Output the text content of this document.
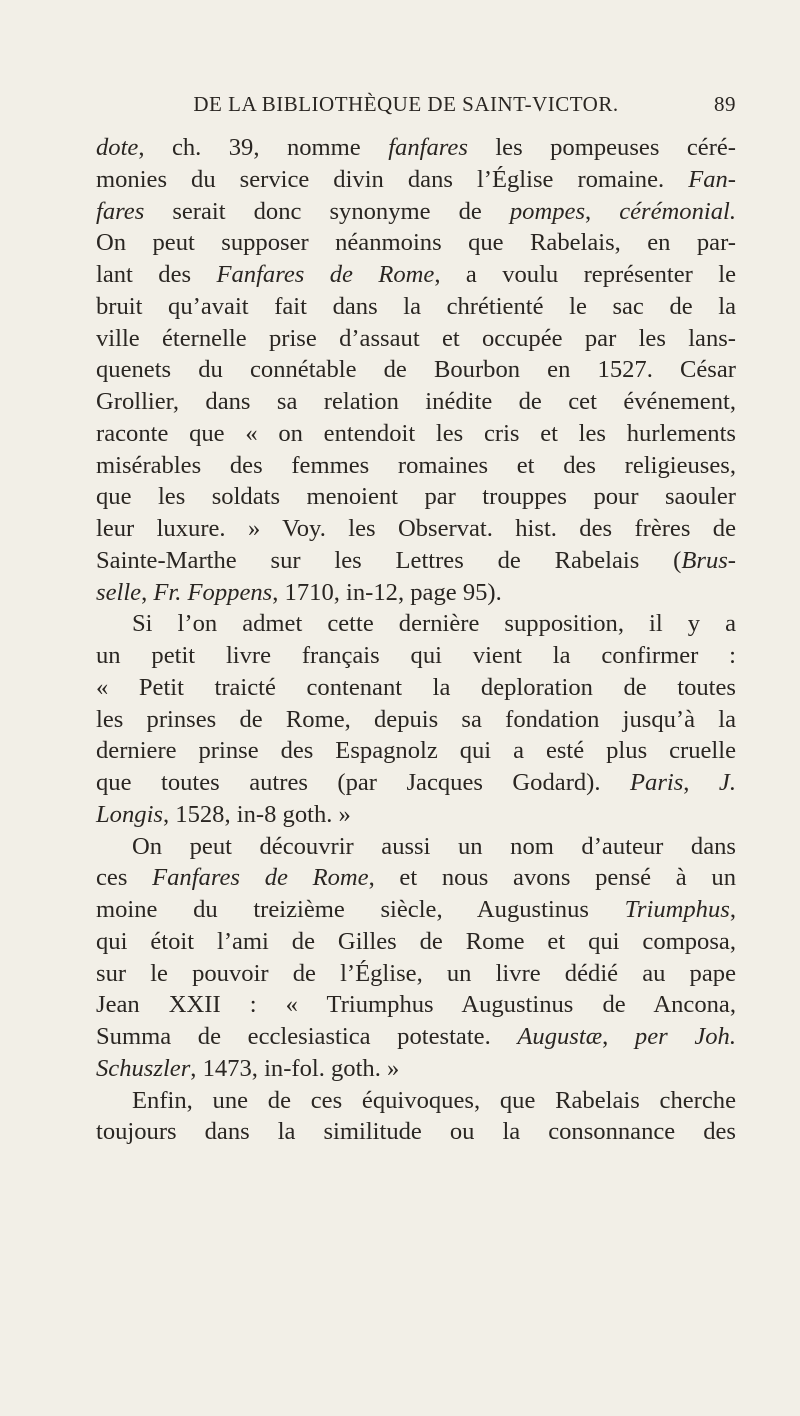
DE LA BIBLIOTHÈQUE DE SAINT-VICTOR.	89
dote, ch. 39, nomme fanfares les pompeuses céré-
monies du service divin dans l’Église romaine. Fan-
fares serait donc synonyme de pompes, cérémonial.
On peut supposer néanmoins que Rabelais, en par-
lant des Fanfares de Rome, a voulu représenter le
bruit qu’avait fait dans la chrétienté le sac de la
ville éternelle prise d’assaut et occupée par les lans-
quenets du connétable de Bourbon en 1527. César
Grollier, dans sa relation inédite de cet événement,
raconte que « on entendoit les cris et les hurlements
misérables des femmes romaines et des religieuses,
que les soldats menoient par trouppes pour saouler
leur luxure. » Voy. les Observat. hist. des frères de
Sainte-Marthe sur les Lettres de Rabelais (Brus-
selle, Fr. Foppens, 1710, in-12, page 95).
Si l’on admet cette dernière supposition, il y a
un petit livre français qui vient la confirmer :
« Petit traicté contenant la deploration de toutes
les prinses de Rome, depuis sa fondation jusqu’à la
derniere prinse des Espagnolz qui a esté plus cruelle
que toutes autres (par Jacques Godard). Paris, J.
Longis, 1528, in-8 goth. »
On peut découvrir aussi un nom d’auteur dans
ces Fanfares de Rome, et nous avons pensé à un
moine du treizième siècle, Augustinus Triumphus,
qui étoit l’ami de Gilles de Rome et qui composa,
sur le pouvoir de l’Église, un livre dédié au pape
Jean XXII : « Triumphus Augustinus de Ancona,
Summa de ecclesiastica potestate. Augustæ, per Joh.
Schuszler, 1473, in-fol. goth. »
Enfin, une de ces équivoques, que Rabelais cherche
toujours dans la similitude ou la consonnance des
